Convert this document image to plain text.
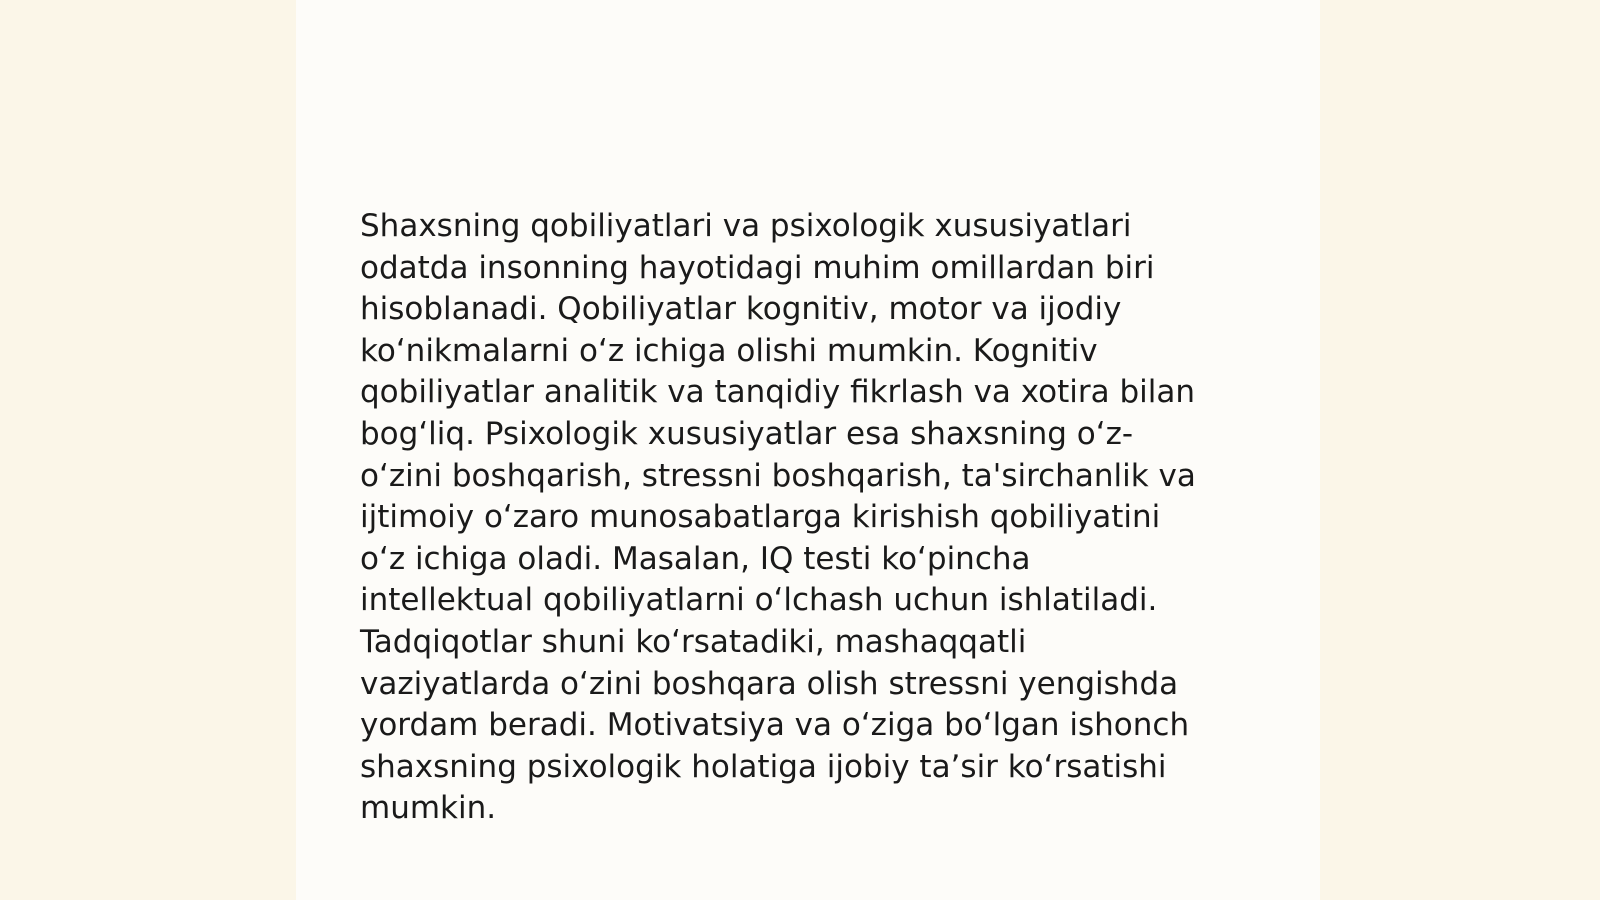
Shaxsning qobiliyatlari va psixologik xususiyatlari
odatda insonning hayotidagi muhim omillardan biri
hisoblanadi. Qobiliyatlar kognitiv, motor va ijodiy
ko‘nikmalarni o‘z ichiga olishi mumkin. Kognitiv
qobiliyatlar analitik va tanqidiy fikrlash va xotira bilan
bog‘liq. Psixologik xususiyatlar esa shaxsning o‘z-
o‘zini boshqarish, stressni boshqarish, ta'sirchanlik va
ijtimoiy o‘zaro munosabatlarga kirishish qobiliyatini
o‘z ichiga oladi. Masalan, IQ testi ko‘pincha
intellektual qobiliyatlarni o‘lchash uchun ishlatiladi.
Tadqiqotlar shuni ko‘rsatadiki, mashaqqatli
vaziyatlarda o‘zini boshqara olish stressni yengishda
yordam beradi. Motivatsiya va o‘ziga bo‘lgan ishonch
shaxsning psixologik holatiga ijobiy ta’sir ko‘rsatishi
mumkin.
